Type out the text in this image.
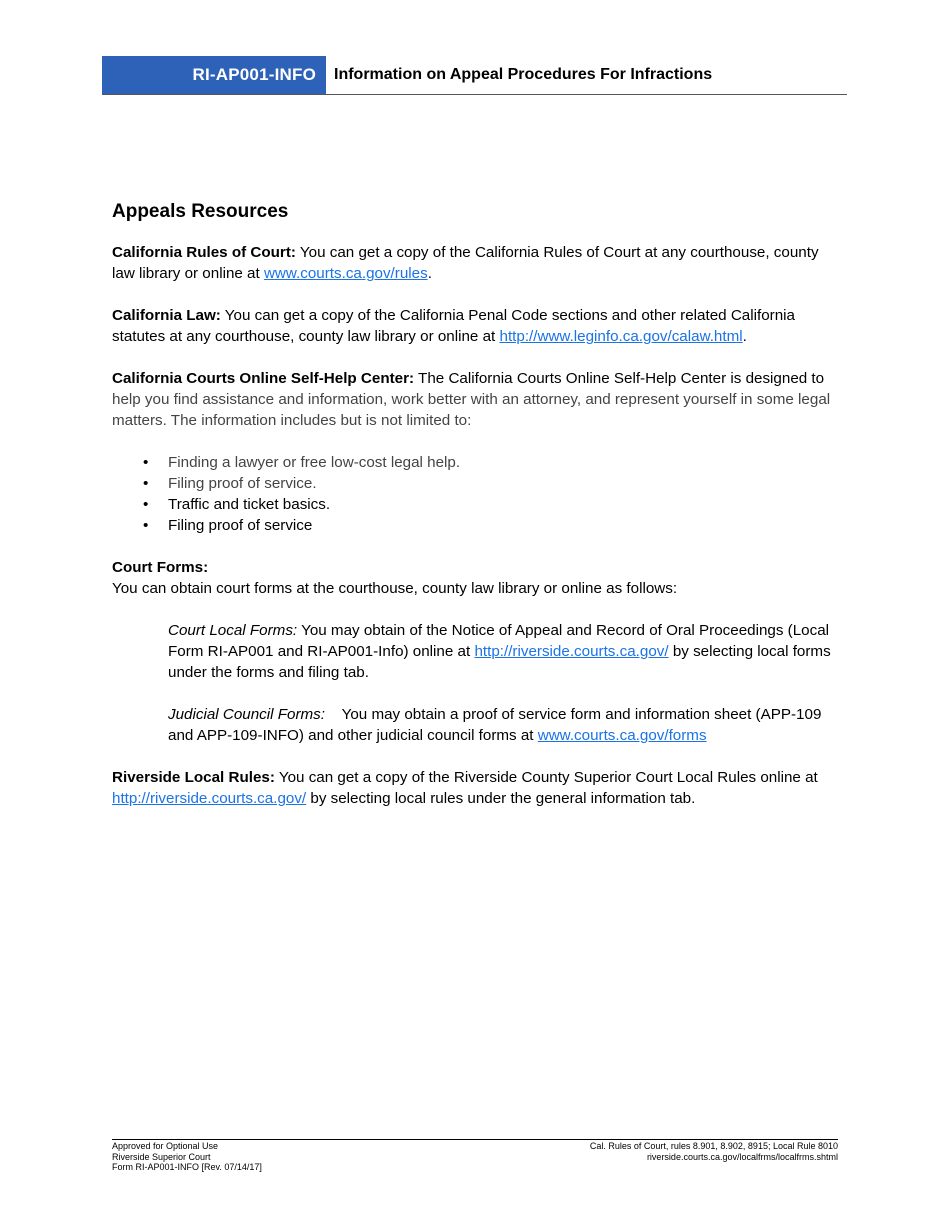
RI-AP001-INFO	Information on Appeal Procedures For Infractions
Appeals Resources

California Rules of Court: You can get a copy of the California Rules of Court at any courthouse, county law library or online at www.courts.ca.gov/rules.

California Law: You can get a copy of the California Penal Code sections and other related California statutes at any courthouse, county law library or online at http://www.leginfo.ca.gov/calaw.html.

California Courts Online Self-Help Center: The California Courts Online Self-Help Center is designed to help you find assistance and information, work better with an attorney, and represent yourself in some legal matters. The information includes but is not limited to:

• Finding a lawyer or free low-cost legal help.
• Filing proof of service.
• Traffic and ticket basics.
• Filing proof of service

Court Forms:

You can obtain court forms at the courthouse, county law library or online as follows:

Court Local Forms: You may obtain of the Notice of Appeal and Record of Oral Proceedings (Local Form RI-AP001 and RI-AP001-Info) online at http://riverside.courts.ca.gov/ by selecting local forms under the forms and filing tab.

Judicial Council Forms:    You may obtain a proof of service form and information sheet (APP-109 and APP-109-INFO) and other judicial council forms at www.courts.ca.gov/forms

Riverside Local Rules: You can get a copy of the Riverside County Superior Court Local Rules online at http://riverside.courts.ca.gov/ by selecting local rules under the general information tab.

Approved for Optional Use
Riverside Superior Court
Form RI-AP001-INFO [Rev. 07/14/17]
Cal. Rules of Court, rules 8.901, 8.902, 8915; Local Rule 8010
riverside.courts.ca.gov/localfrms/localfrms.shtml
